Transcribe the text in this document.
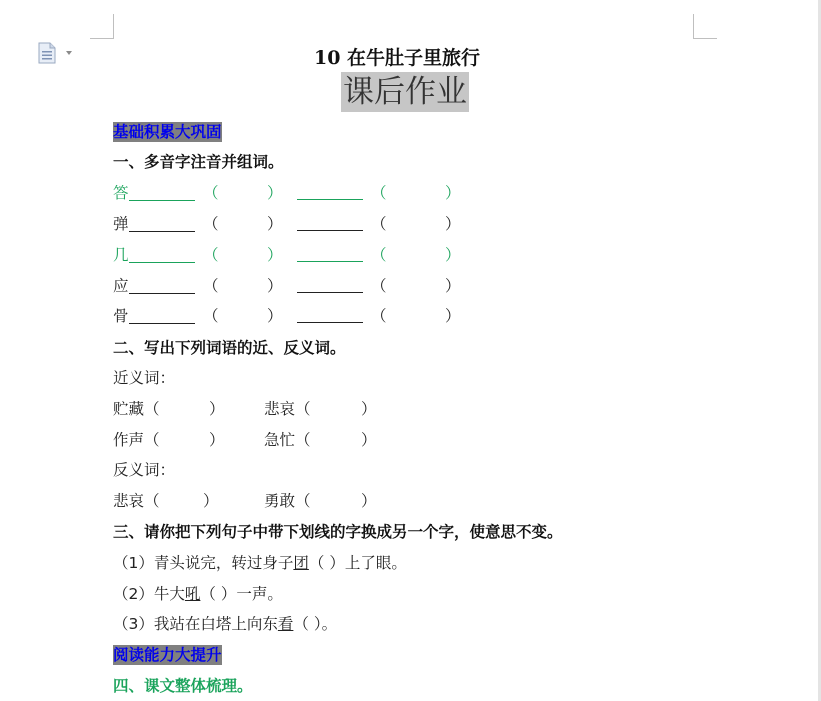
10 在牛肚子里旅行
课后作业
基础积累大巩固
一、多音字注音并组词。
答	（	）	（	）
弹	（	）	（	）
几	（	）	（	）
应	（	）	（	）
骨	（	）	（	）
二、写出下列词语的近、反义词。
近义词：
贮藏（	）	悲哀（	）
作声（	）	急忙（	）
反义词：
悲哀（	）	勇敢（	）
三、请你把下列句子中带下划线的字换成另一个字，使意思不变。
（1）青头说完，转过身子团（ ）上了眼。
（2）牛大吼（ ）一声。
（3）我站在白塔上向东看（ ）。
阅读能力大提升
四、课文整体梳理。
